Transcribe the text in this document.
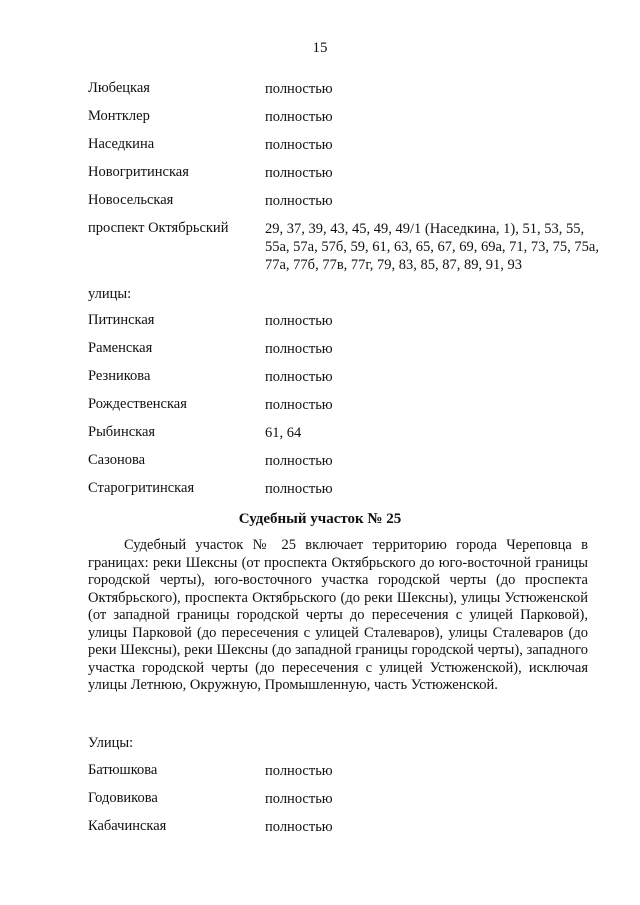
15
Любецкая	полностью
Монтклер	полностью
Наседкина	полностью
Новогритинская	полностью
Новосельская	полностью
проспект Октябрьский	29, 37, 39, 43, 45, 49, 49/1 (Наседкина, 1), 51, 53, 55, 55а, 57а, 57б, 59, 61, 63, 65, 67, 69, 69а, 71, 73, 75, 75а, 77а, 77б, 77в, 77г, 79, 83, 85, 87, 89, 91, 93
улицы:
Питинская	полностью
Раменская	полностью
Резникова	полностью
Рождественская	полностью
Рыбинская	61, 64
Сазонова	полностью
Старогритинская	полностью
Судебный участок № 25

Судебный участок № 25 включает территорию города Череповца в границах: реки Шексны (от проспекта Октябрьского до юго-восточной границы городской черты), юго-восточного участка городской черты (до проспекта Октябрьского), проспекта Октябрьского (до реки Шексны), улицы Устюженской (от западной границы городской черты до пересечения с улицей Парковой), улицы Парковой (до пересечения с улицей Сталеваров), улицы Сталеваров (до реки Шексны), реки Шексны (до западной границы городской черты), западного участка городской черты (до пересечения с улицей Устюженской), исключая улицы Летнюю, Окружную, Промышленную, часть Устюженской.

Улицы:
Батюшкова	полностью
Годовикова	полностью
Кабачинская	полностью
